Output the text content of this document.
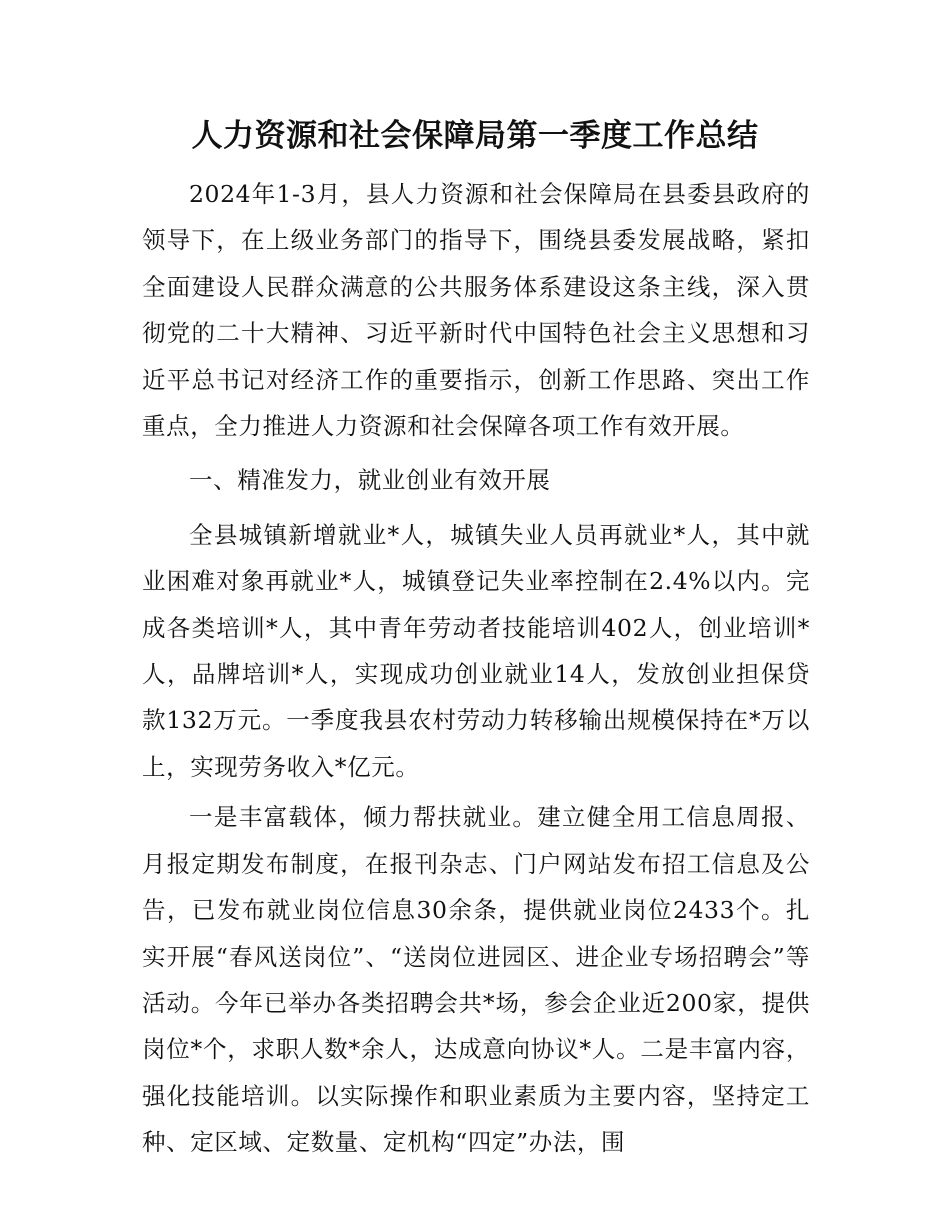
人力资源和社会保障局第一季度工作总结

2024年1-3月，县人力资源和社会保障局在县委县政府的领导下，在上级业务部门的指导下，围绕县委发展战略，紧扣全面建设人民群众满意的公共服务体系建设这条主线，深入贯彻党的二十大精神、习近平新时代中国特色社会主义思想和习近平总书记对经济工作的重要指示，创新工作思路、突出工作重点，全力推进人力资源和社会保障各项工作有效开展。

一、精准发力，就业创业有效开展

全县城镇新增就业*人，城镇失业人员再就业*人，其中就业困难对象再就业*人，城镇登记失业率控制在2.4%以内。完成各类培训*人，其中青年劳动者技能培训402人，创业培训*人，品牌培训*人，实现成功创业就业14人，发放创业担保贷款132万元。一季度我县农村劳动力转移输出规模保持在*万以上，实现劳务收入*亿元。

一是丰富载体，倾力帮扶就业。建立健全用工信息周报、月报定期发布制度，在报刊杂志、门户网站发布招工信息及公告，已发布就业岗位信息30余条，提供就业岗位2433个。扎实开展“春风送岗位”、“送岗位进园区、进企业专场招聘会”等活动。今年已举办各类招聘会共*场，参会企业近200家，提供岗位*个，求职人数*余人，达成意向协议*人。二是丰富内容，强化技能培训。以实际操作和职业素质为主要内容，坚持定工种、定区域、定数量、定机构“四定”办法，围
